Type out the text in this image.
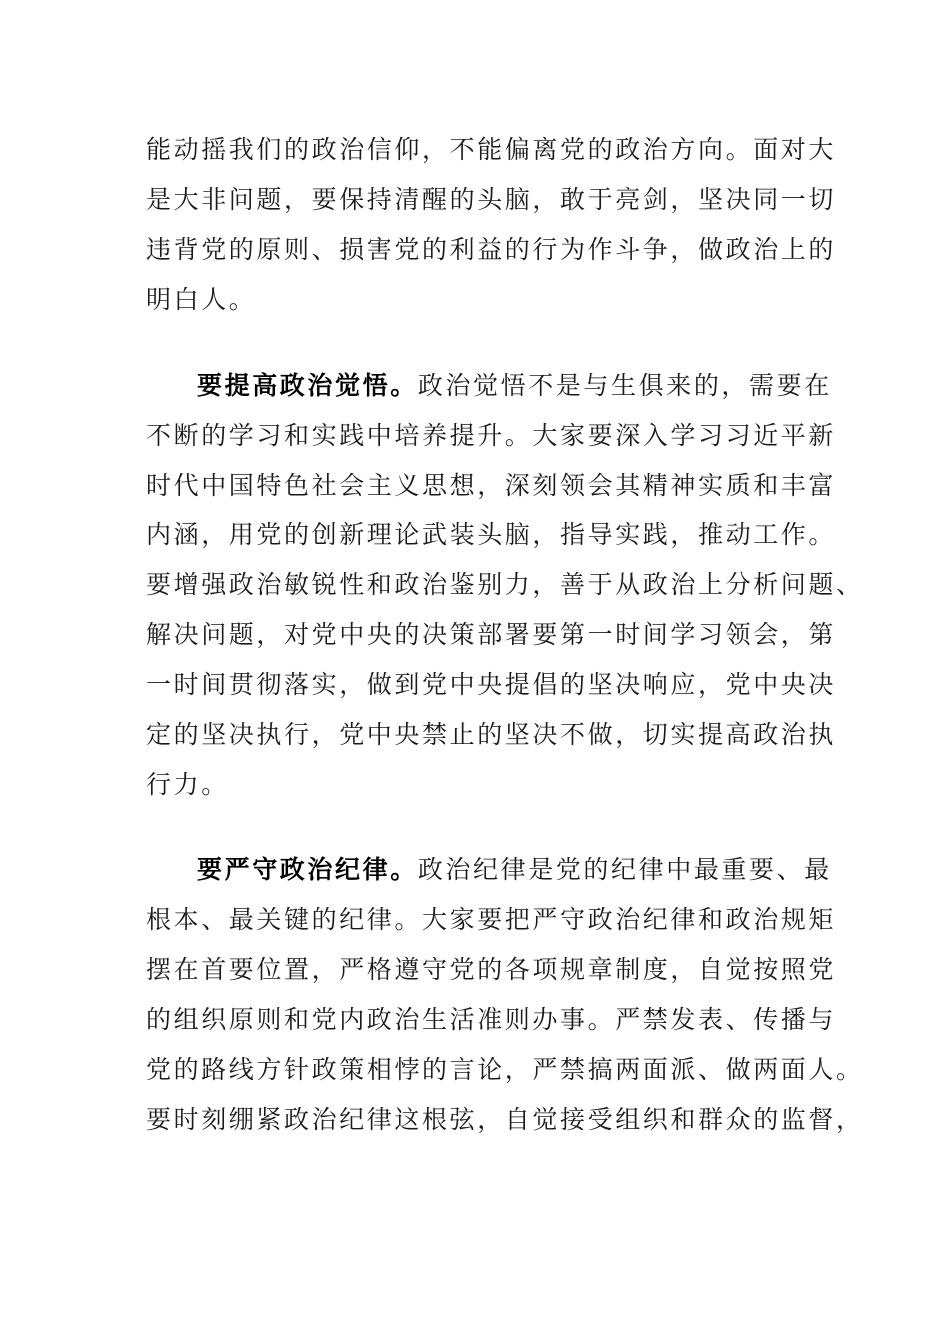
能动摇我们的政治信仰，不能偏离党的政治方向。面对大
是大非问题，要保持清醒的头脑，敢于亮剑，坚决同一切
违背党的原则、损害党的利益的行为作斗争，做政治上的
明白人。
要提高政治觉悟。政治觉悟不是与生俱来的，需要在
不断的学习和实践中培养提升。大家要深入学习习近平新
时代中国特色社会主义思想，深刻领会其精神实质和丰富
内涵，用党的创新理论武装头脑，指导实践，推动工作。
要增强政治敏锐性和政治鉴别力，善于从政治上分析问题、
解决问题，对党中央的决策部署要第一时间学习领会，第
一时间贯彻落实，做到党中央提倡的坚决响应，党中央决
定的坚决执行，党中央禁止的坚决不做，切实提高政治执
行力。
要严守政治纪律。政治纪律是党的纪律中最重要、最
根本、最关键的纪律。大家要把严守政治纪律和政治规矩
摆在首要位置，严格遵守党的各项规章制度，自觉按照党
的组织原则和党内政治生活准则办事。严禁发表、传播与
党的路线方针政策相悖的言论，严禁搞两面派、做两面人。
要时刻绷紧政治纪律这根弦，自觉接受组织和群众的监督，
